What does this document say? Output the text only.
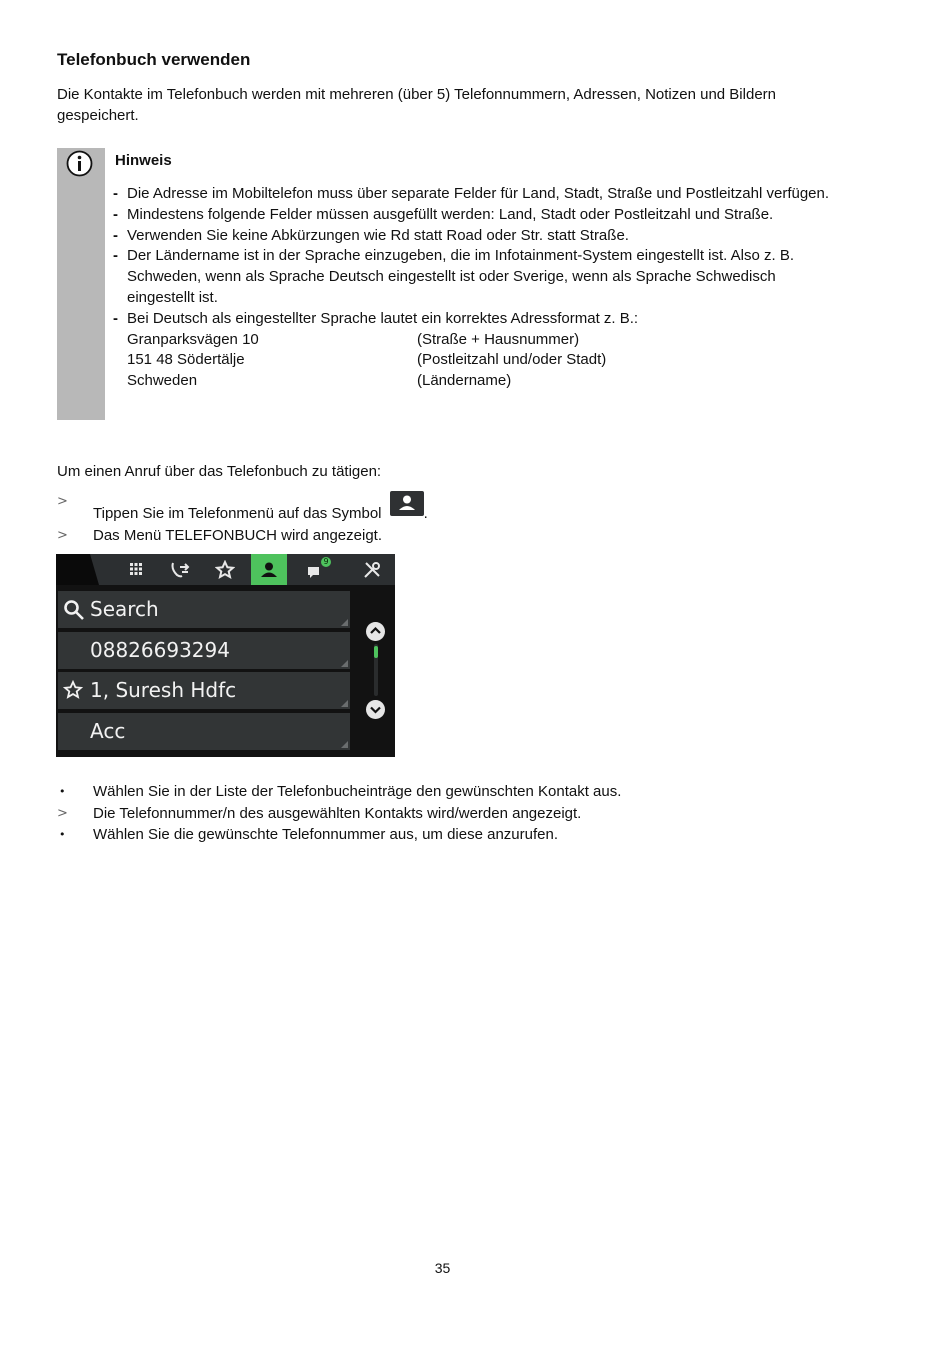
Telefonbuch verwenden
Die Kontakte im Telefonbuch werden mit mehreren (über 5) Telefonnummern, Adressen, Notizen und Bildern gespeichert.
Hinweis
- Die Adresse im Mobiltelefon muss über separate Felder für Land, Stadt, Straße und Postleitzahl verfügen.
- Mindestens folgende Felder müssen ausgefüllt werden: Land, Stadt oder Postleitzahl und Straße.
- Verwenden Sie keine Abkürzungen wie Rd statt Road oder Str. statt Straße.
- Der Ländername ist in der Sprache einzugeben, die im Infotainment-System eingestellt ist. Also z. B. Schweden, wenn als Sprache Deutsch eingestellt ist oder Sverige, wenn als Sprache Schwedisch eingestellt ist.
- Bei Deutsch als eingestellter Sprache lautet ein korrektes Adressformat z. B.:
Granparksvägen 10	(Straße + Hausnummer)
151 48 Södertälje	(Postleitzahl und/oder Stadt)
Schweden	(Ländername)
Um einen Anruf über das Telefonbuch zu tätigen:
>
Tippen Sie im Telefonmenü auf das Symbol	.
> Das Menü TELEFONBUCH wird angezeigt.
9
Search
08826693294
1, Suresh Hdfc
Acc
• Wählen Sie in der Liste der Telefonbucheinträge den gewünschten Kontakt aus.
> Die Telefonnummer/n des ausgewählten Kontakts wird/werden angezeigt.
• Wählen Sie die gewünschte Telefonnummer aus, um diese anzurufen.
35
